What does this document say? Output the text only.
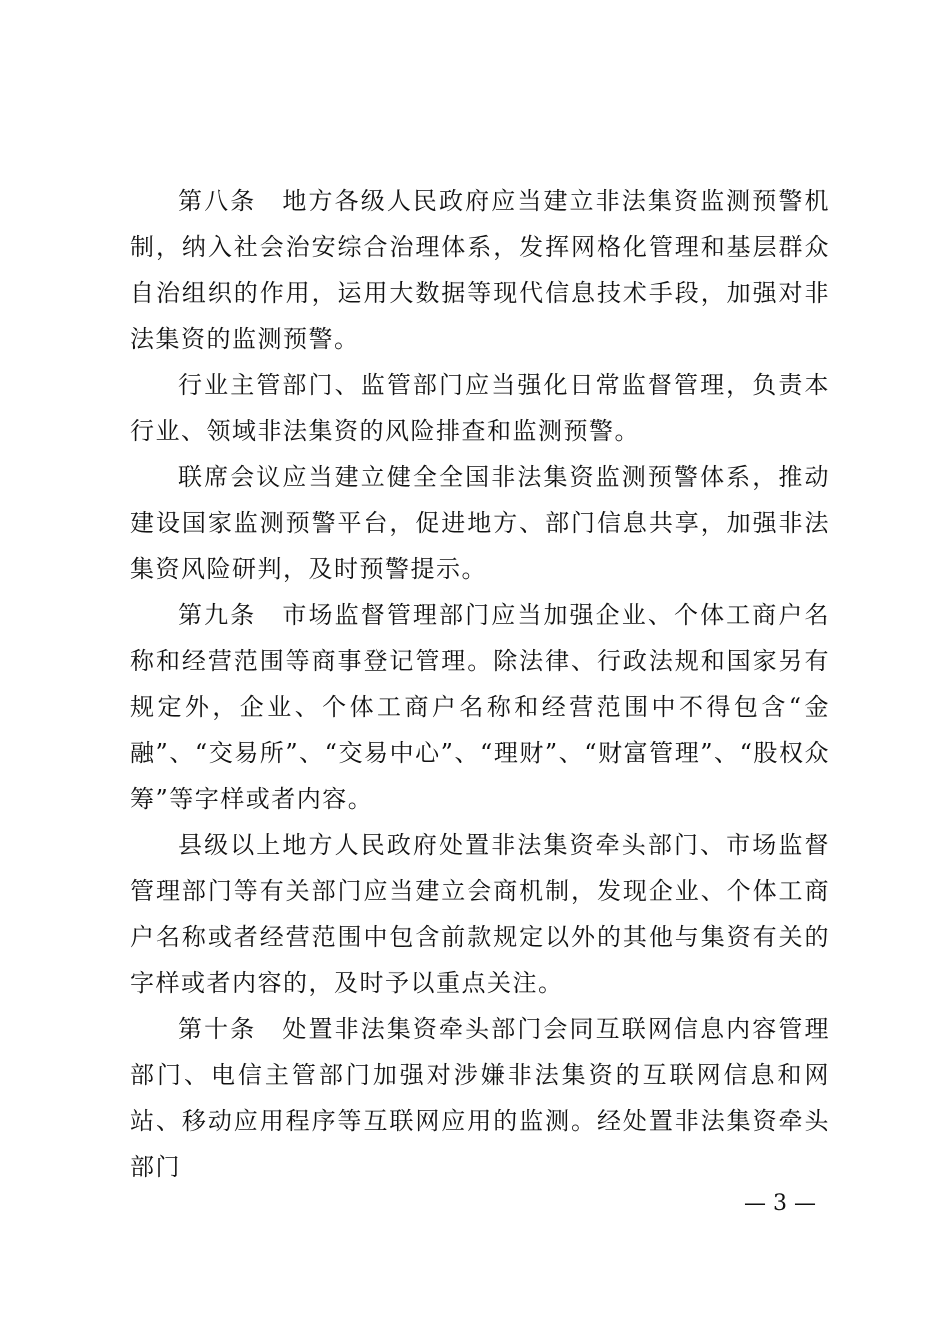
第八条　地方各级人民政府应当建立非法集资监测预警机制，纳入社会治安综合治理体系，发挥网格化管理和基层群众自治组织的作用，运用大数据等现代信息技术手段，加强对非法集资的监测预警。

行业主管部门、监管部门应当强化日常监督管理，负责本行业、领域非法集资的风险排查和监测预警。

联席会议应当建立健全全国非法集资监测预警体系，推动建设国家监测预警平台，促进地方、部门信息共享，加强非法集资风险研判，及时预警提示。

第九条　市场监督管理部门应当加强企业、个体工商户名称和经营范围等商事登记管理。除法律、行政法规和国家另有规定外，企业、个体工商户名称和经营范围中不得包含“金融”、“交易所”、“交易中心”、“理财”、“财富管理”、“股权众筹”等字样或者内容。

县级以上地方人民政府处置非法集资牵头部门、市场监督管理部门等有关部门应当建立会商机制，发现企业、个体工商户名称或者经营范围中包含前款规定以外的其他与集资有关的字样或者内容的，及时予以重点关注。

第十条　处置非法集资牵头部门会同互联网信息内容管理部门、电信主管部门加强对涉嫌非法集资的互联网信息和网站、移动应用程序等互联网应用的监测。经处置非法集资牵头部门

— 3 —
